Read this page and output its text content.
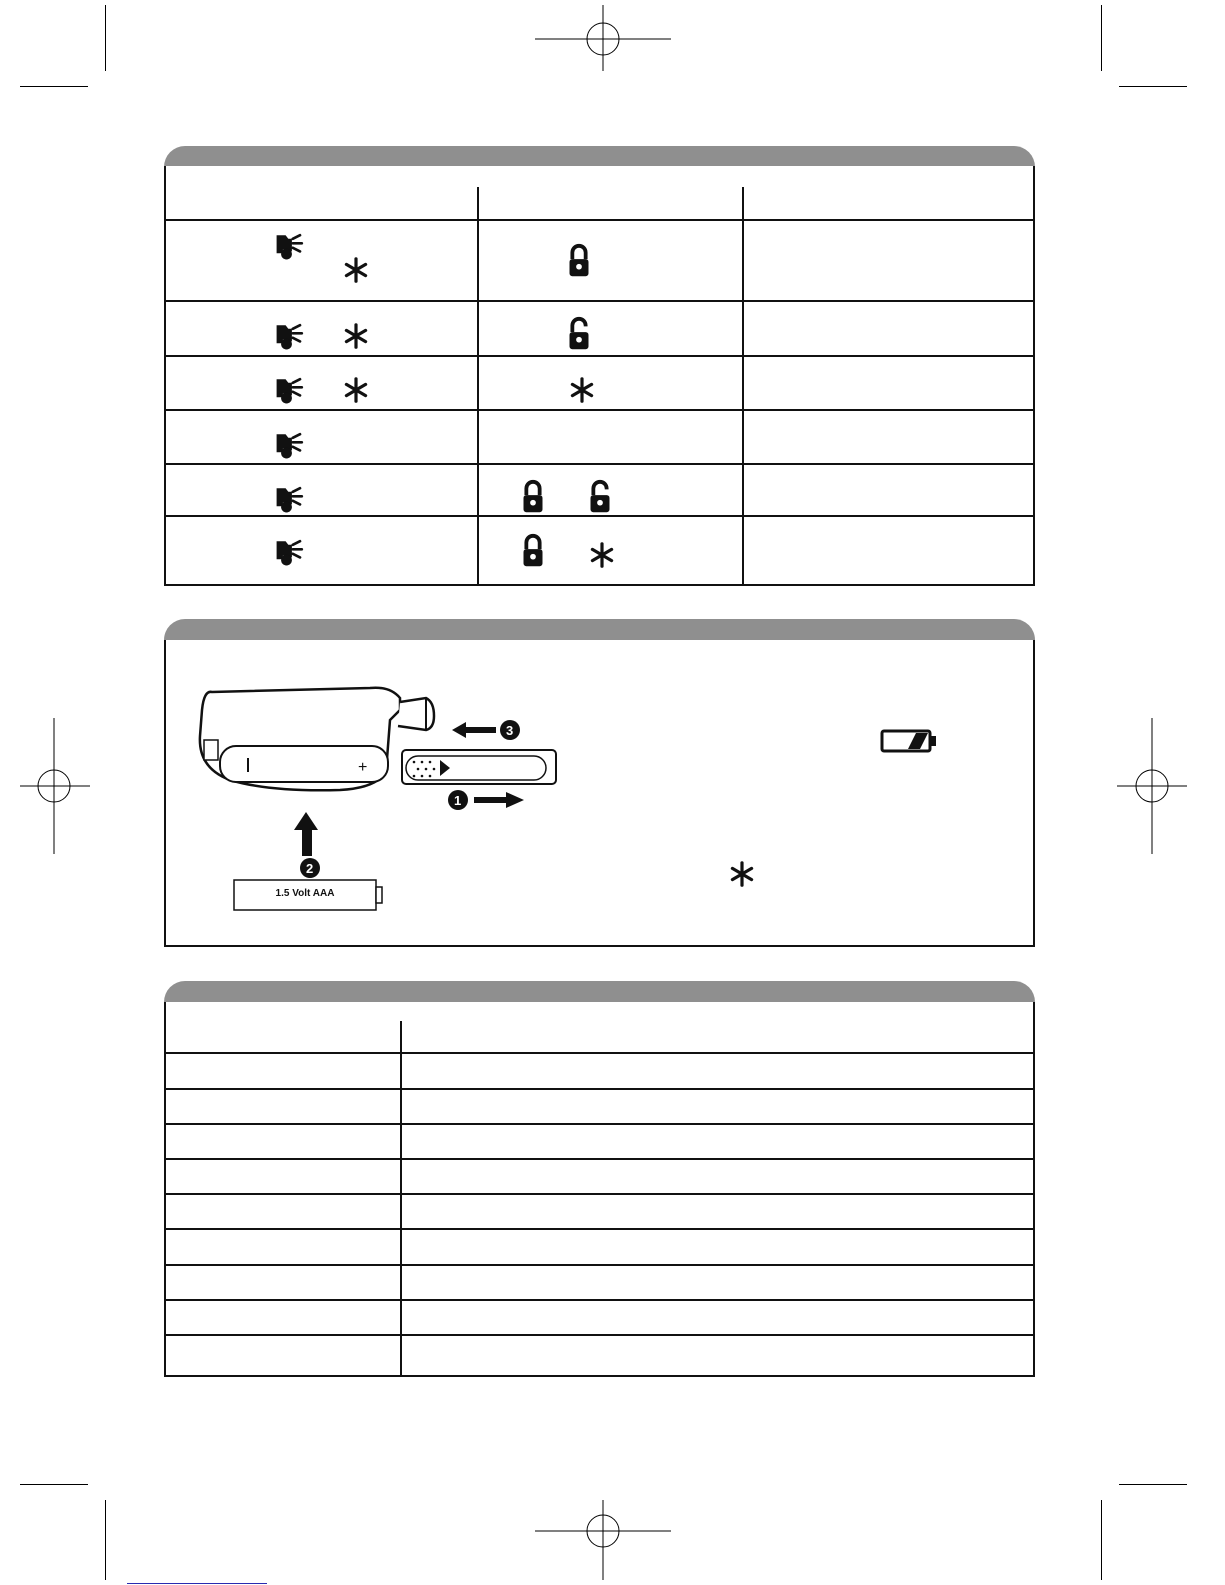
+
3
1
2
1.5 Volt AAA
